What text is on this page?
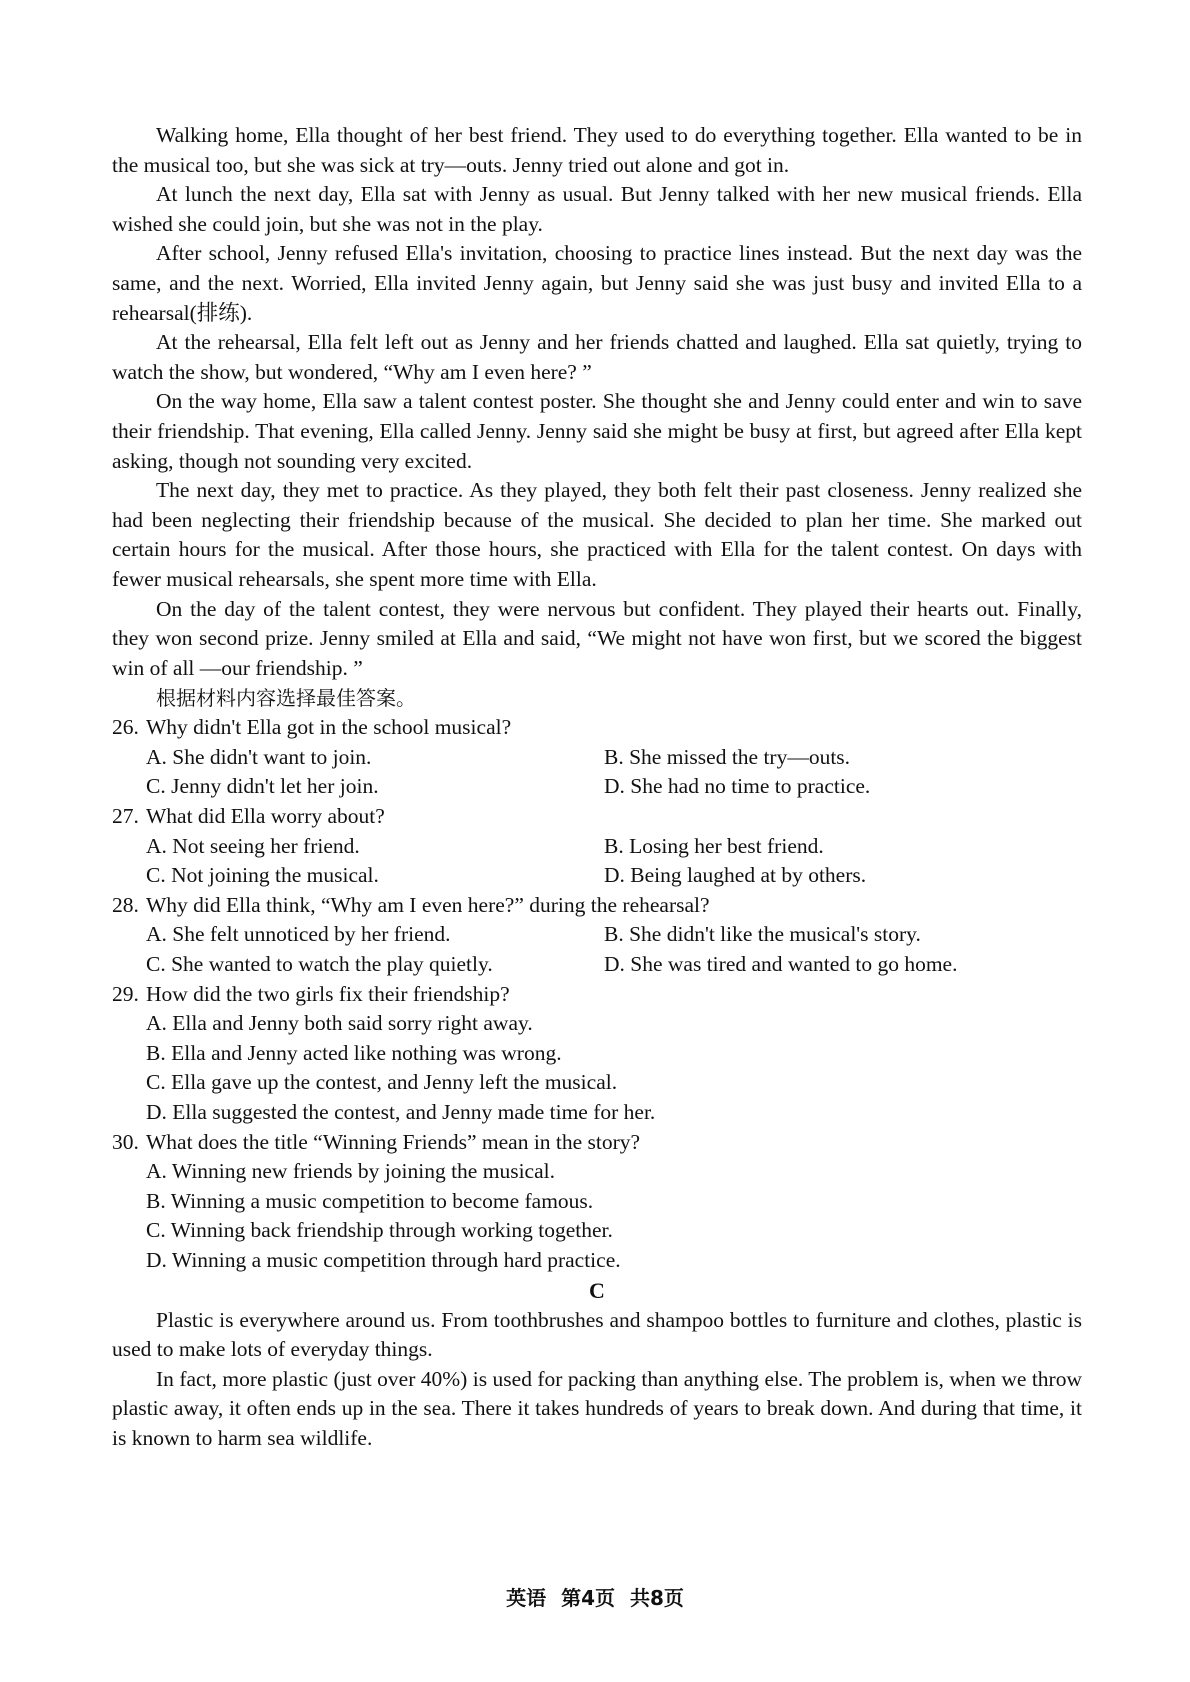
Walking home, Ella thought of her best friend. They used to do everything together. Ella wanted to be in the musical too, but she was sick at try—outs. Jenny tried out alone and got in.

At lunch the next day, Ella sat with Jenny as usual. But Jenny talked with her new musical friends. Ella wished she could join, but she was not in the play.

After school, Jenny refused Ella's invitation, choosing to practice lines instead. But the next day was the same, and the next. Worried, Ella invited Jenny again, but Jenny said she was just busy and invited Ella to a rehearsal(排练).

At the rehearsal, Ella felt left out as Jenny and her friends chatted and laughed. Ella sat quietly, trying to watch the show, but wondered, “Why am I even here? ”

On the way home, Ella saw a talent contest poster. She thought she and Jenny could enter and win to save their friendship. That evening, Ella called Jenny. Jenny said she might be busy at first, but agreed after Ella kept asking, though not sounding very excited.

The next day, they met to practice. As they played, they both felt their past closeness. Jenny realized she had been neglecting their friendship because of the musical. She decided to plan her time. She marked out certain hours for the musical. After those hours, she practiced with Ella for the talent contest. On days with fewer musical rehearsals, she spent more time with Ella.

On the day of the talent contest, they were nervous but confident. They played their hearts out. Finally, they won second prize. Jenny smiled at Ella and said, “We might not have won first, but we scored the biggest win of all —our friendship. ”

根据材料内容选择最佳答案。

26. Why didn't Ella got in the school musical?
A. She didn't want to join.	B. She missed the try—outs.
C. Jenny didn't let her join.	D. She had no time to practice.
27. What did Ella worry about?
A. Not seeing her friend.	B. Losing her best friend.
C. Not joining the musical.	D. Being laughed at by others.
28. Why did Ella think, “Why am I even here?” during the rehearsal?
A. She felt unnoticed by her friend.	B. She didn't like the musical's story.
C. She wanted to watch the play quietly.	D. She was tired and wanted to go home.
29. How did the two girls fix their friendship?
A. Ella and Jenny both said sorry right away.
B. Ella and Jenny acted like nothing was wrong.
C. Ella gave up the contest, and Jenny left the musical.
D. Ella suggested the contest, and Jenny made time for her.
30. What does the title “Winning Friends” mean in the story?
A. Winning new friends by joining the musical.
B. Winning a music competition to become famous.
C. Winning back friendship through working together.
D. Winning a music competition through hard practice.

C

Plastic is everywhere around us. From toothbrushes and shampoo bottles to furniture and clothes, plastic is used to make lots of everyday things.

In fact, more plastic (just over 40%) is used for packing than anything else. The problem is, when we throw plastic away, it often ends up in the sea. There it takes hundreds of years to break down. And during that time, it is known to harm sea wildlife.

英语 第4页 共8页
